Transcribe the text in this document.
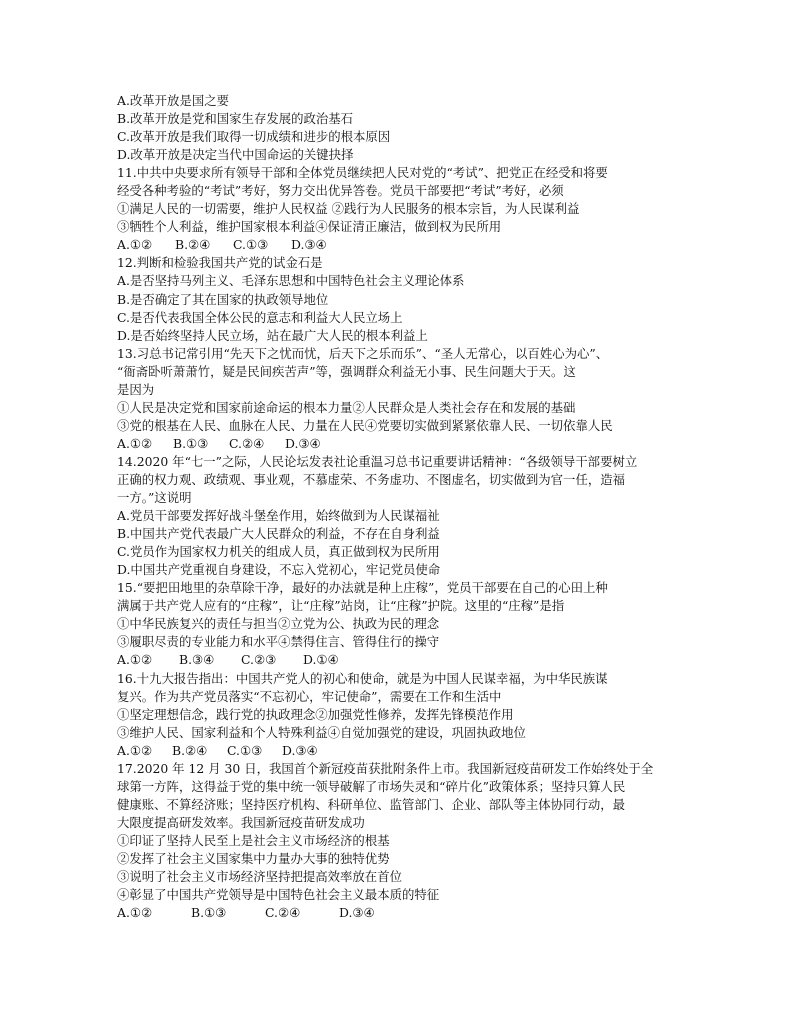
A.改革开放是国之要
B.改革开放是党和国家生存发展的政治基石
C.改革开放是我们取得一切成绩和进步的根本原因
D.改革开放是决定当代中国命运的关键抉择
11.中共中央要求所有领导干部和全体党员继续把人民对党的“考试”、把党正在经受和将要
经受各种考验的“考试”考好，努力交出优异答卷。党员干部要把“考试”考好，必须
①满足人民的一切需要，维护人民权益 ②践行为人民服务的根本宗旨，为人民谋利益
③牺牲个人利益，维护国家根本利益④保证清正廉洁，做到权为民所用
A.①②	B.②④	C.①③	D.③④
12.判断和检验我国共产党的试金石是
A.是否坚持马列主义、毛泽东思想和中国特色社会主义理论体系
B.是否确定了其在国家的执政领导地位
C.是否代表我国全体公民的意志和利益大人民立场上
D.是否始终坚持人民立场，站在最广大人民的根本利益上
13.习总书记常引用“先天下之忧而忧，后天下之乐而乐”、“圣人无常心，以百姓心为心”、
“衙斋卧听萧萧竹，疑是民间疾苦声”等，强调群众利益无小事、民生问题大于天。这
是因为
①人民是决定党和国家前途命运的根本力量②人民群众是人类社会存在和发展的基础
③党的根基在人民、血脉在人民、力量在人民④党要切实做到紧紧依靠人民、一切依靠人民
A.①②	B.①③	C.②④	D.③④
14.2020 年“七一”之际，人民论坛发表社论重温习总书记重要讲话精神：“各级领导干部要树立
正确的权力观、政绩观、事业观，不慕虚荣、不务虚功、不图虚名，切实做到为官一任，造福
一方。”这说明
A.党员干部要发挥好战斗堡垒作用，始终做到为人民谋福祉
B.中国共产党代表最广大人民群众的利益，不存在自身利益
C.党员作为国家权力机关的组成人员，真正做到权为民所用
D.中国共产党重视自身建设，不忘入党初心，牢记党员使命
15.“要把田地里的杂草除干净，最好的办法就是种上庄稼”，党员干部要在自己的心田上种
满属于共产党人应有的“庄稼”，让“庄稼”站岗，让“庄稼”护院。这里的“庄稼”是指
①中华民族复兴的责任与担当②立党为公、执政为民的理念
③履职尽责的专业能力和水平④禁得住言、管得住行的操守
A.①②	B.③④	C.②③	D.①④
16.十九大报告指出：中国共产党人的初心和使命，就是为中国人民谋幸福，为中华民族谋
复兴。作为共产党员落实“不忘初心，牢记使命”，需要在工作和生活中
①坚定理想信念，践行党的执政理念②加强党性修养，发挥先锋模范作用
③维护人民、国家利益和个人特殊利益④自觉加强党的建设，巩固执政地位
A.①②	B.②④	C.①③	D.③④
17.2020 年 12 月 30 日，我国首个新冠疫苗获批附条件上市。我国新冠疫苗研发工作始终处于全
球第一方阵，这得益于党的集中统一领导破解了市场失灵和“碎片化”政策体系；坚持只算人民
健康账、不算经济账；坚持医疗机构、科研单位、监管部门、企业、部队等主体协同行动，最
大限度提高研发效率。我国新冠疫苗研发成功
①印证了坚持人民至上是社会主义市场经济的根基
②发挥了社会主义国家集中力量办大事的独特优势
③说明了社会主义市场经济坚持把提高效率放在首位
④彰显了中国共产党领导是中国特色社会主义最本质的特征
A.①②	B.①③	C.②④	D.③④
